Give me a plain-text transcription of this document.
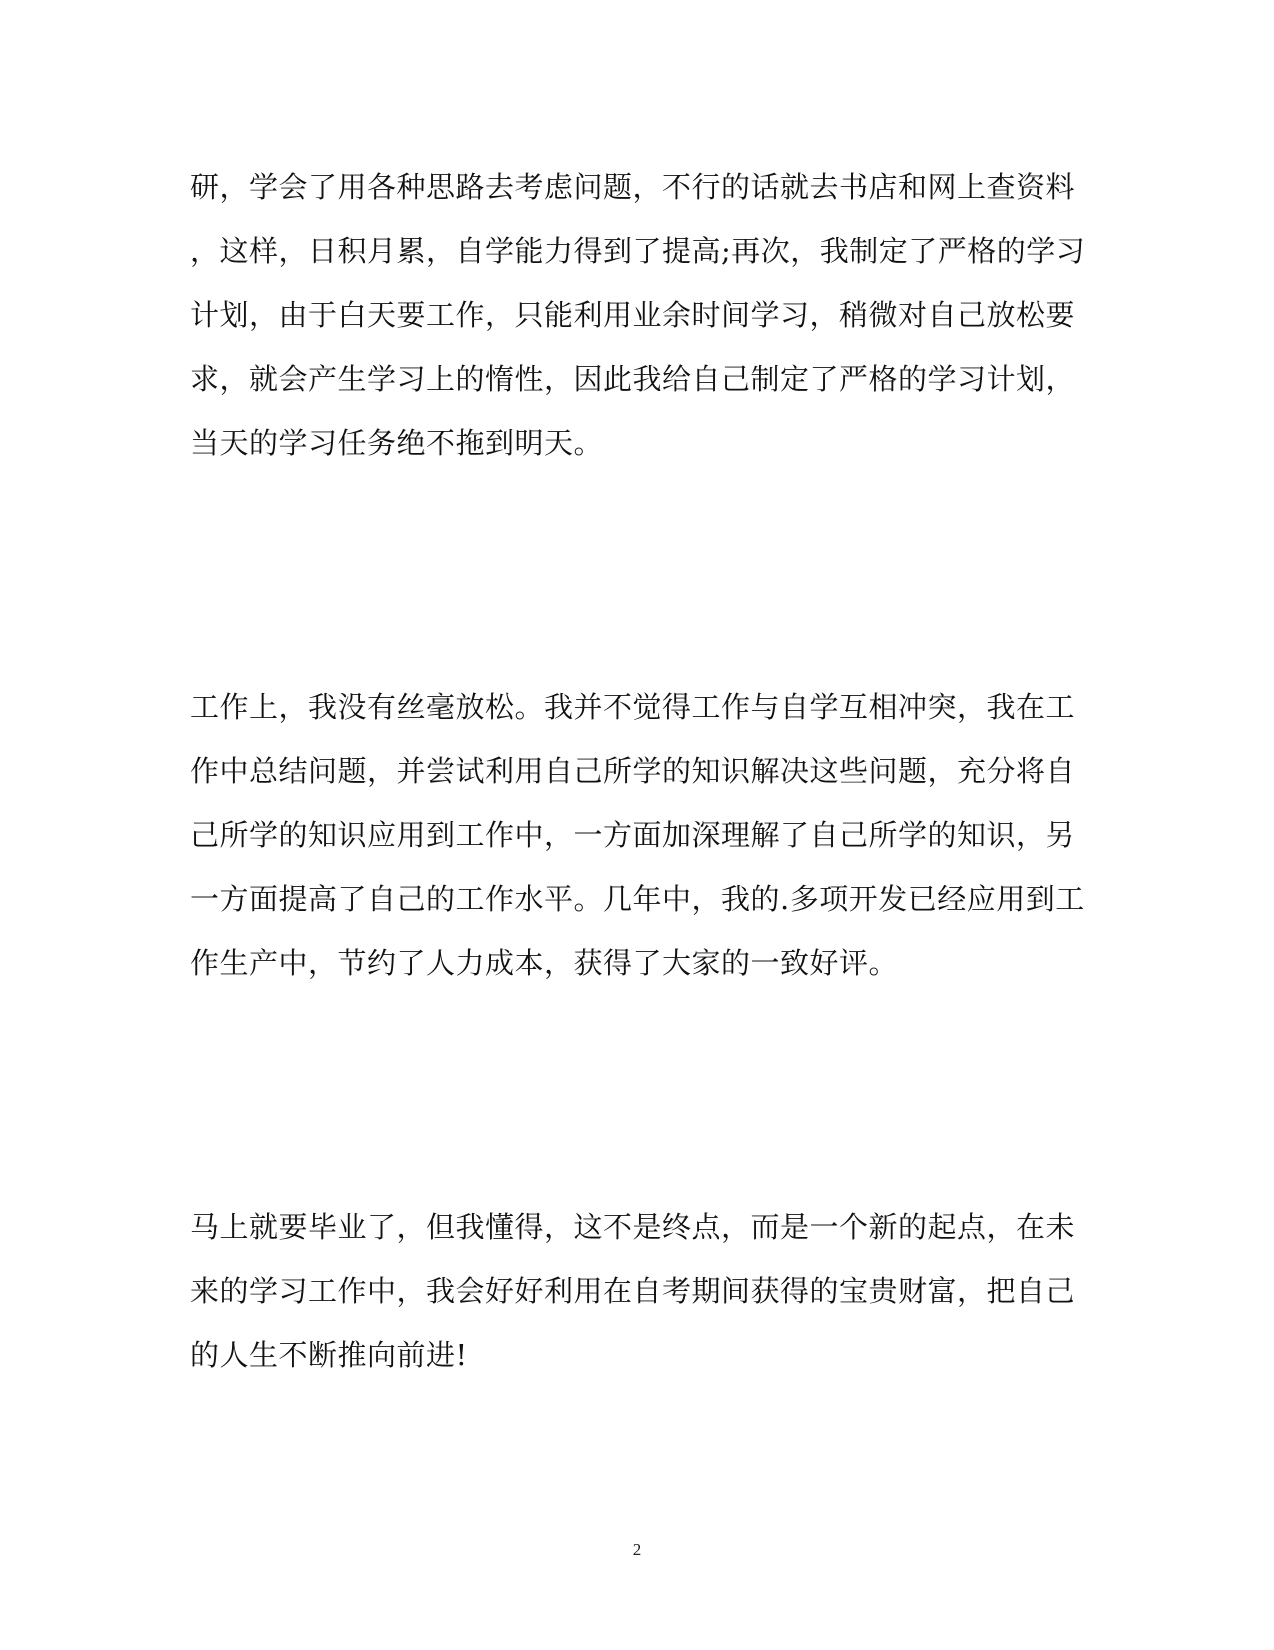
研，学会了用各种思路去考虑问题，不行的话就去书店和网上查资料
，这样，日积月累，自学能力得到了提高;再次，我制定了严格的学习
计划，由于白天要工作，只能利用业余时间学习，稍微对自己放松要
求，就会产生学习上的惰性，因此我给自己制定了严格的学习计划，
当天的学习任务绝不拖到明天。
工作上，我没有丝毫放松。我并不觉得工作与自学互相冲突，我在工
作中总结问题，并尝试利用自己所学的知识解决这些问题，充分将自
己所学的知识应用到工作中，一方面加深理解了自己所学的知识，另
一方面提高了自己的工作水平。几年中，我的.多项开发已经应用到工
作生产中，节约了人力成本，获得了大家的一致好评。
马上就要毕业了，但我懂得，这不是终点，而是一个新的起点，在未
来的学习工作中，我会好好利用在自考期间获得的宝贵财富，把自己
的人生不断推向前进!
2
